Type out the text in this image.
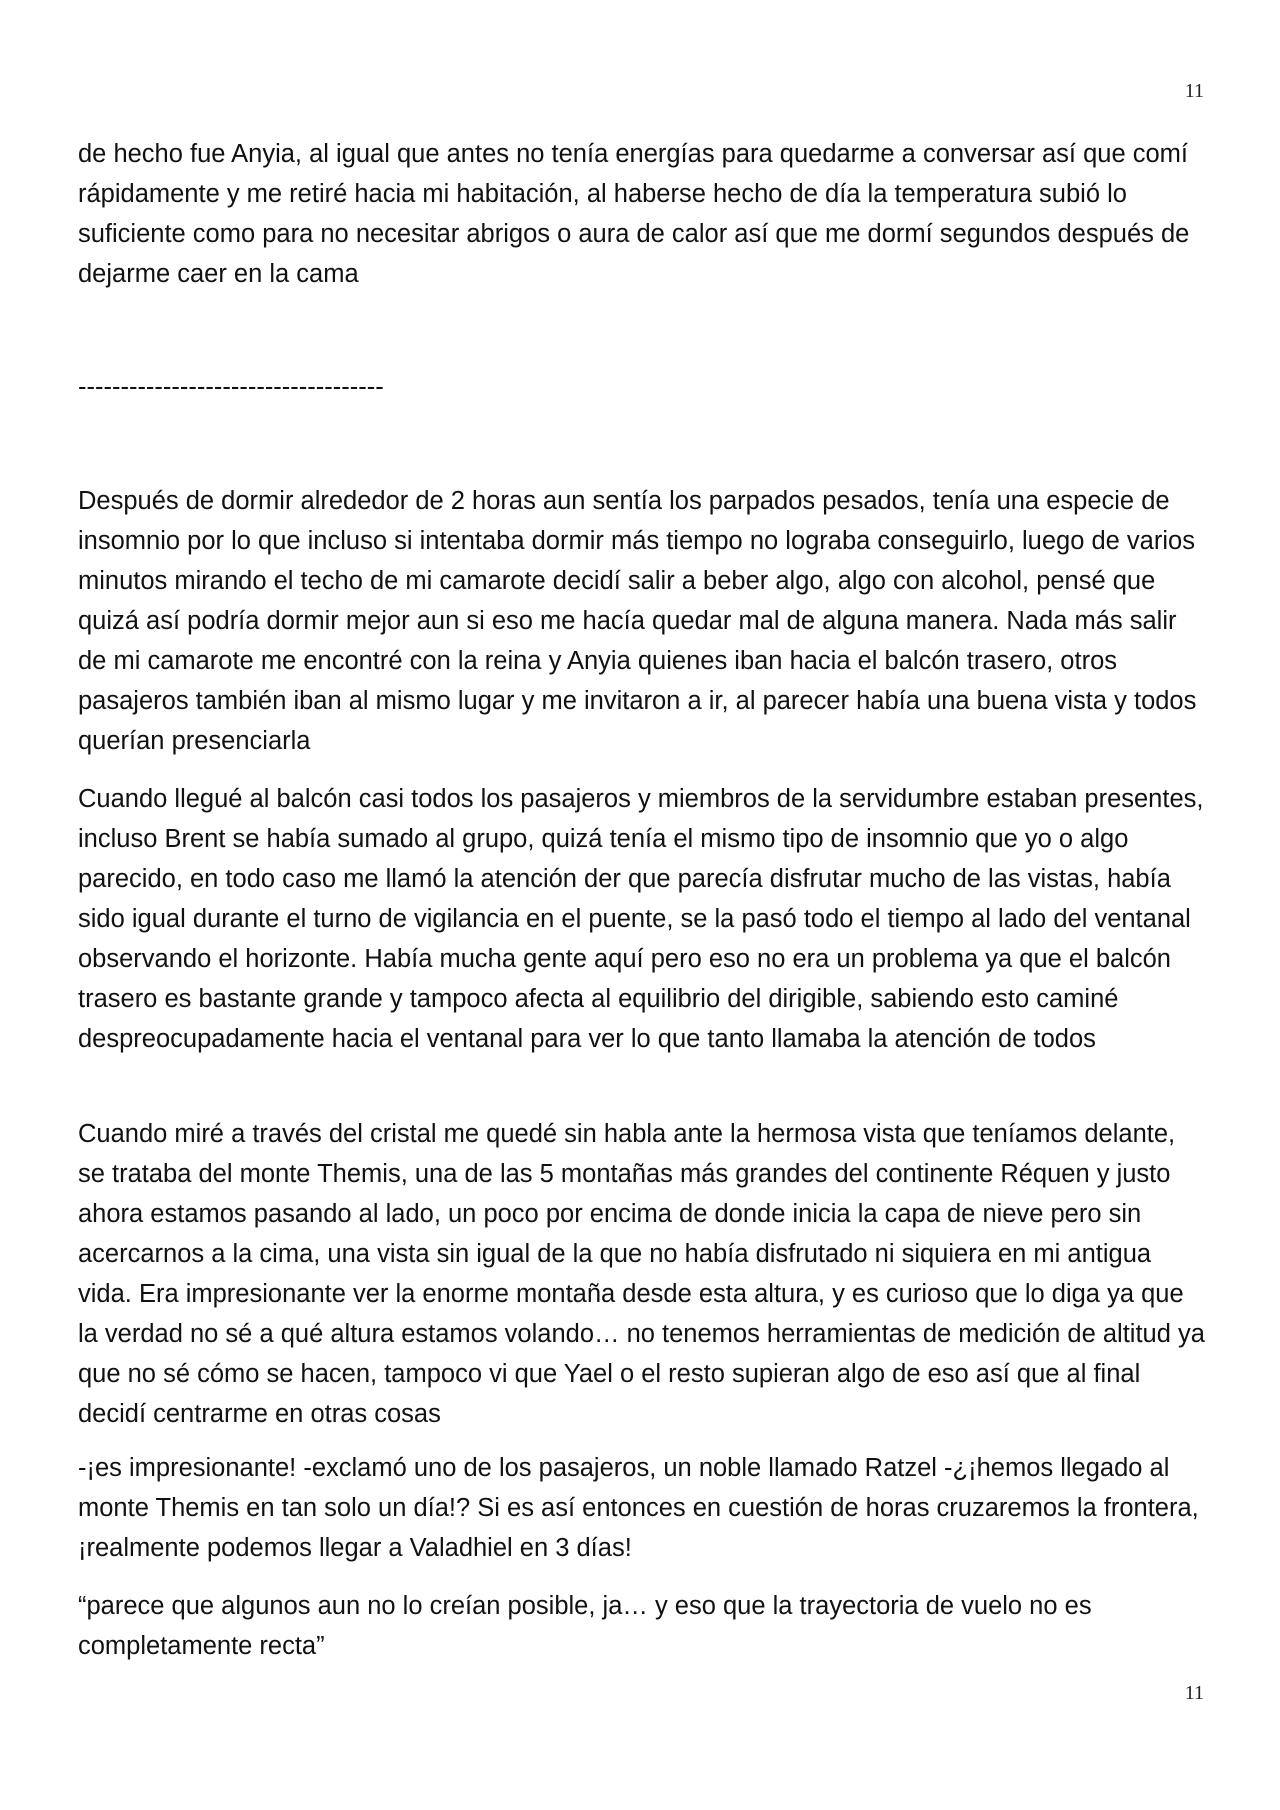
11

de hecho fue Anyia, al igual que antes no tenía energías para quedarme a conversar así que comí rápidamente y me retiré hacia mi habitación, al haberse hecho de día la temperatura subió lo suficiente como para no necesitar abrigos o aura de calor así que me dormí segundos después de dejarme caer en la cama

------------------------------------

Después de dormir alrededor de 2 horas aun sentía los parpados pesados, tenía una especie de insomnio por lo que incluso si intentaba dormir más tiempo no lograba conseguirlo, luego de varios minutos mirando el techo de mi camarote decidí salir a beber algo, algo con alcohol, pensé que quizá así podría dormir mejor aun si eso me hacía quedar mal de alguna manera. Nada más salir de mi camarote me encontré con la reina y Anyia quienes iban hacia el balcón trasero, otros pasajeros también iban al mismo lugar y me invitaron a ir, al parecer había una buena vista y todos querían presenciarla

Cuando llegué al balcón casi todos los pasajeros y miembros de la servidumbre estaban presentes, incluso Brent se había sumado al grupo, quizá tenía el mismo tipo de insomnio que yo o algo parecido, en todo caso me llamó la atención der que parecía disfrutar mucho de las vistas, había sido igual durante el turno de vigilancia en el puente, se la pasó todo el tiempo al lado del ventanal observando el horizonte. Había mucha gente aquí pero eso no era un problema ya que el balcón trasero es bastante grande y tampoco afecta al equilibrio del dirigible, sabiendo esto caminé despreocupadamente hacia el ventanal para ver lo que tanto llamaba la atención de todos

Cuando miré a través del cristal me quedé sin habla ante la hermosa vista que teníamos delante, se trataba del monte Themis, una de las 5 montañas más grandes del continente Réquen y justo ahora estamos pasando al lado, un poco por encima de donde inicia la capa de nieve pero sin acercarnos a la cima, una vista sin igual de la que no había disfrutado ni siquiera en mi antigua vida. Era impresionante ver la enorme montaña desde esta altura, y es curioso que lo diga ya que la verdad no sé a qué altura estamos volando… no tenemos herramientas de medición de altitud ya que no sé cómo se hacen, tampoco vi que Yael o el resto supieran algo de eso así que al final decidí centrarme en otras cosas

-¡es impresionante! -exclamó uno de los pasajeros, un noble llamado Ratzel -¿¡hemos llegado al monte Themis en tan solo un día!? Si es así entonces en cuestión de horas cruzaremos la frontera, ¡realmente podemos llegar a Valadhiel en 3 días!

“parece que algunos aun no lo creían posible, ja… y eso que la trayectoria de vuelo no es completamente recta”

11
